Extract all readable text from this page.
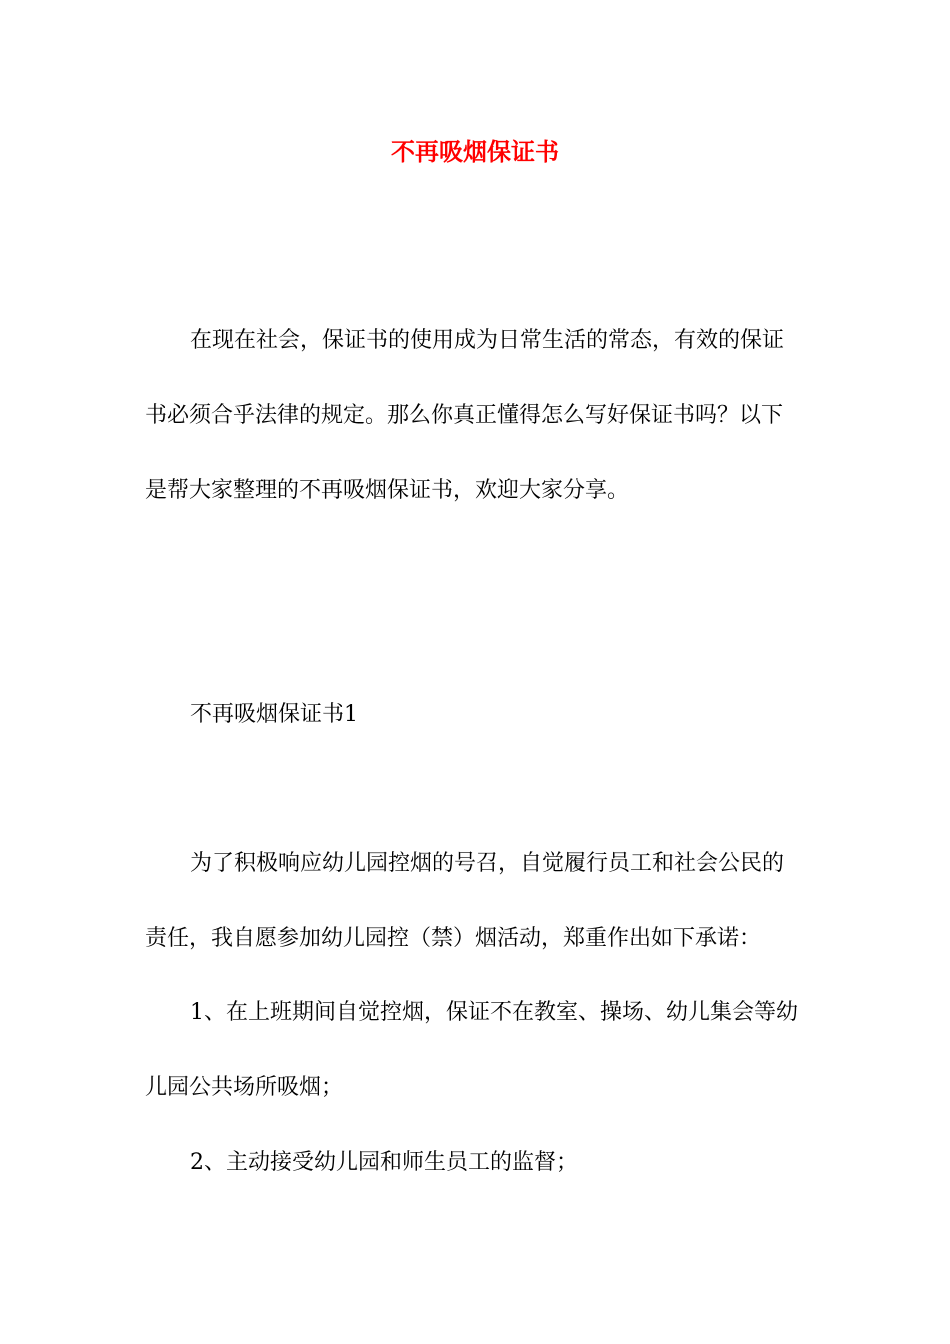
不再吸烟保证书
在现在社会，保证书的使用成为日常生活的常态，有效的保证
书必须合乎法律的规定。那么你真正懂得怎么写好保证书吗？以下
是帮大家整理的不再吸烟保证书，欢迎大家分享。
不再吸烟保证书1
为了积极响应幼儿园控烟的号召，自觉履行员工和社会公民的
责任，我自愿参加幼儿园控（禁）烟活动，郑重作出如下承诺：
1、在上班期间自觉控烟，保证不在教室、操场、幼儿集会等幼
儿园公共场所吸烟；
2、主动接受幼儿园和师生员工的监督；
